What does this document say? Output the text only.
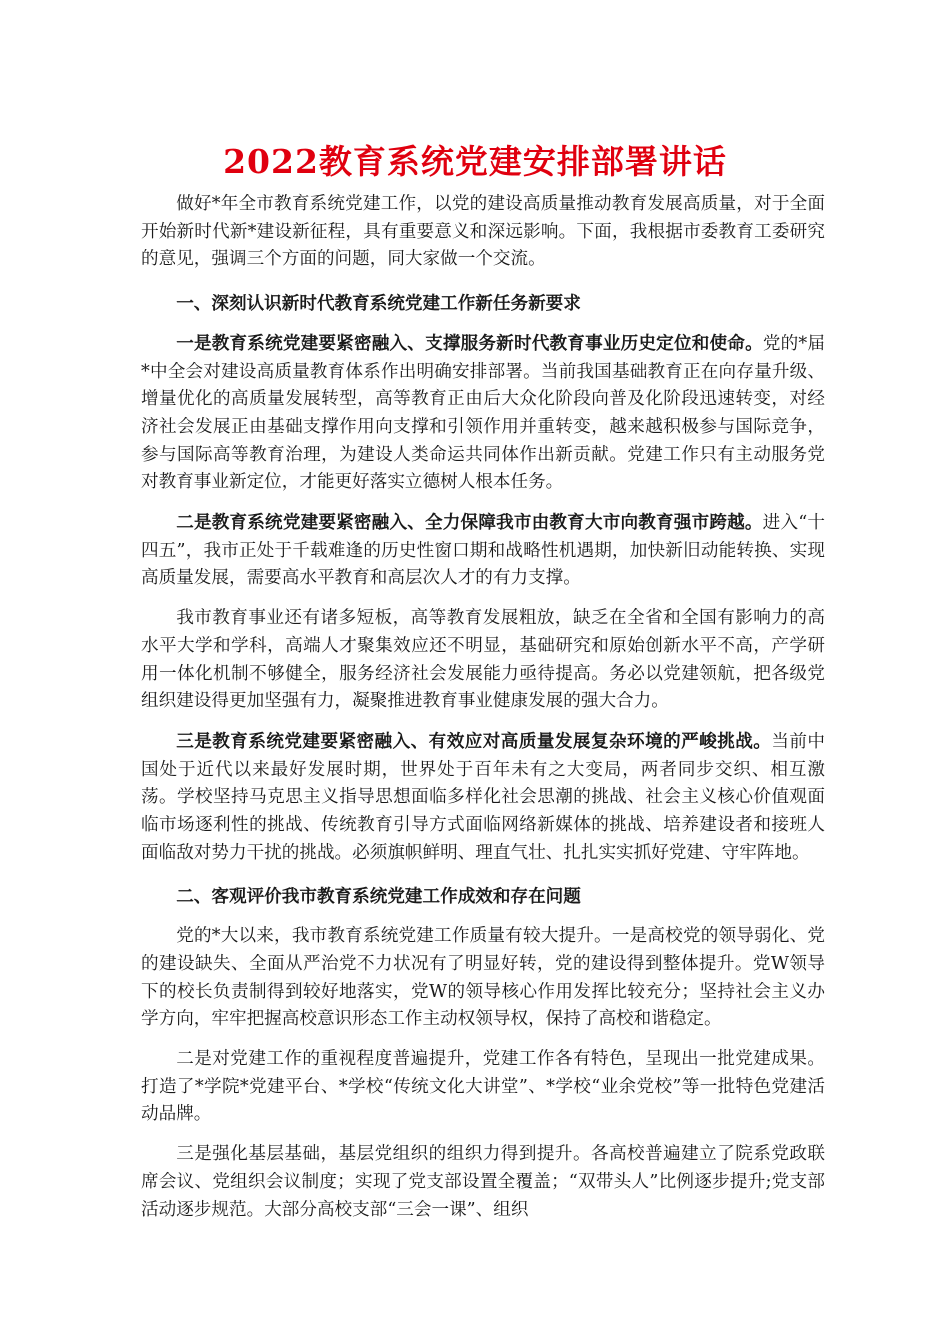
2022教育系统党建安排部署讲话

做好*年全市教育系统党建工作，以党的建设高质量推动教育发展高质量，对于全面开始新时代新*建设新征程，具有重要意义和深远影响。下面，我根据市委教育工委研究的意见，强调三个方面的问题，同大家做一个交流。

一、深刻认识新时代教育系统党建工作新任务新要求

一是教育系统党建要紧密融入、支撑服务新时代教育事业历史定位和使命。党的*届*中全会对建设高质量教育体系作出明确安排部署。当前我国基础教育正在向存量升级、增量优化的高质量发展转型，高等教育正由后大众化阶段向普及化阶段迅速转变，对经济社会发展正由基础支撑作用向支撑和引领作用并重转变，越来越积极参与国际竞争，参与国际高等教育治理，为建设人类命运共同体作出新贡献。党建工作只有主动服务党对教育事业新定位，才能更好落实立德树人根本任务。

二是教育系统党建要紧密融入、全力保障我市由教育大市向教育强市跨越。进入“十四五”，我市正处于千载难逢的历史性窗口期和战略性机遇期，加快新旧动能转换、实现高质量发展，需要高水平教育和高层次人才的有力支撑。

我市教育事业还有诸多短板，高等教育发展粗放，缺乏在全省和全国有影响力的高水平大学和学科，高端人才聚集效应还不明显，基础研究和原始创新水平不高，产学研用一体化机制不够健全，服务经济社会发展能力亟待提高。务必以党建领航，把各级党组织建设得更加坚强有力，凝聚推进教育事业健康发展的强大合力。

三是教育系统党建要紧密融入、有效应对高质量发展复杂环境的严峻挑战。当前中国处于近代以来最好发展时期，世界处于百年未有之大变局，两者同步交织、相互激荡。学校坚持马克思主义指导思想面临多样化社会思潮的挑战、社会主义核心价值观面临市场逐利性的挑战、传统教育引导方式面临网络新媒体的挑战、培养建设者和接班人面临敌对势力干扰的挑战。必须旗帜鲜明、理直气壮、扎扎实实抓好党建、守牢阵地。

二、客观评价我市教育系统党建工作成效和存在问题

党的*大以来，我市教育系统党建工作质量有较大提升。一是高校党的领导弱化、党的建设缺失、全面从严治党不力状况有了明显好转，党的建设得到整体提升。党W领导下的校长负责制得到较好地落实，党W的领导核心作用发挥比较充分；坚持社会主义办学方向，牢牢把握高校意识形态工作主动权领导权，保持了高校和谐稳定。

二是对党建工作的重视程度普遍提升，党建工作各有特色，呈现出一批党建成果。打造了*学院*党建平台、*学校“传统文化大讲堂”、*学校“业余党校”等一批特色党建活动品牌。

三是强化基层基础，基层党组织的组织力得到提升。各高校普遍建立了院系党政联席会议、党组织会议制度；实现了党支部设置全覆盖；“双带头人”比例逐步提升;党支部活动逐步规范。大部分高校支部“三会一课”、组织
